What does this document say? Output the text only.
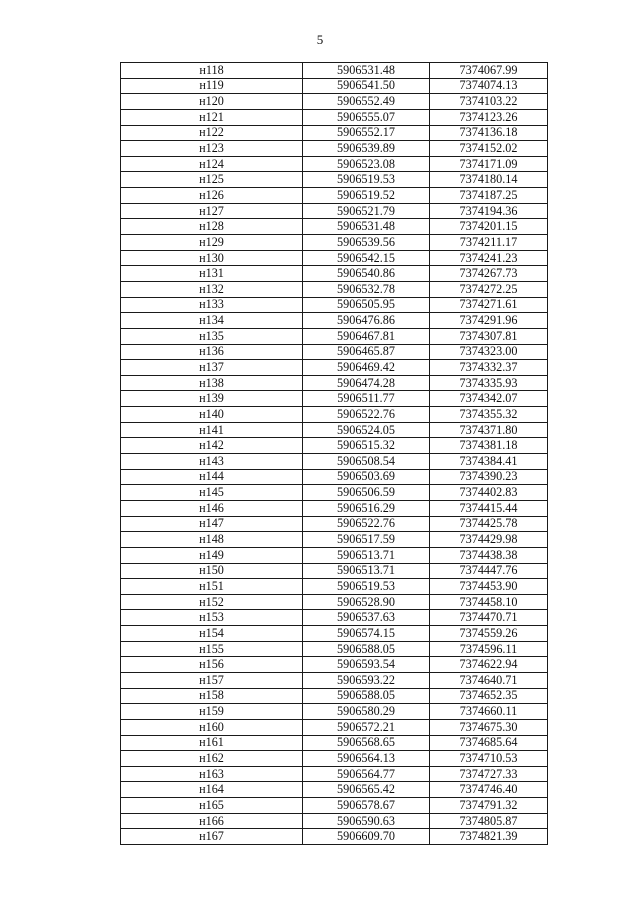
5
н118	5906531.48	7374067.99
н119	5906541.50	7374074.13
н120	5906552.49	7374103.22
н121	5906555.07	7374123.26
н122	5906552.17	7374136.18
н123	5906539.89	7374152.02
н124	5906523.08	7374171.09
н125	5906519.53	7374180.14
н126	5906519.52	7374187.25
н127	5906521.79	7374194.36
н128	5906531.48	7374201.15
н129	5906539.56	7374211.17
н130	5906542.15	7374241.23
н131	5906540.86	7374267.73
н132	5906532.78	7374272.25
н133	5906505.95	7374271.61
н134	5906476.86	7374291.96
н135	5906467.81	7374307.81
н136	5906465.87	7374323.00
н137	5906469.42	7374332.37
н138	5906474.28	7374335.93
н139	5906511.77	7374342.07
н140	5906522.76	7374355.32
н141	5906524.05	7374371.80
н142	5906515.32	7374381.18
н143	5906508.54	7374384.41
н144	5906503.69	7374390.23
н145	5906506.59	7374402.83
н146	5906516.29	7374415.44
н147	5906522.76	7374425.78
н148	5906517.59	7374429.98
н149	5906513.71	7374438.38
н150	5906513.71	7374447.76
н151	5906519.53	7374453.90
н152	5906528.90	7374458.10
н153	5906537.63	7374470.71
н154	5906574.15	7374559.26
н155	5906588.05	7374596.11
н156	5906593.54	7374622.94
н157	5906593.22	7374640.71
н158	5906588.05	7374652.35
н159	5906580.29	7374660.11
н160	5906572.21	7374675.30
н161	5906568.65	7374685.64
н162	5906564.13	7374710.53
н163	5906564.77	7374727.33
н164	5906565.42	7374746.40
н165	5906578.67	7374791.32
н166	5906590.63	7374805.87
н167	5906609.70	7374821.39
